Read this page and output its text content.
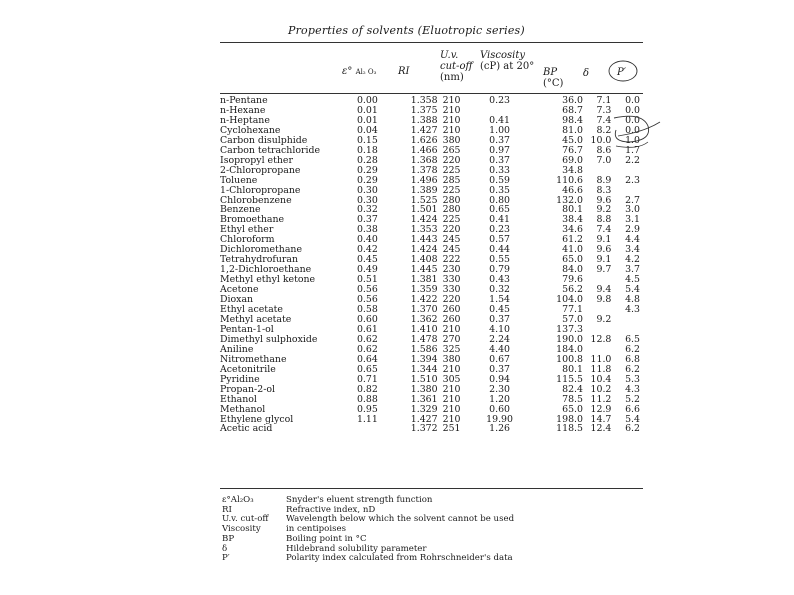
Properties of solvents (Eluotropic series)
ε° Al₂ O₃ RI
U.v.
cut-off
(nm)
Viscosity
(cP) at 20°
BP
(°C)
δ	P′
n-Pentane	0.00	1.358	210	0.23	36.0	7.1	0.0
n-Hexane	0.01	1.375	210		68.7	7.3	0.0
n-Heptane	0.01	1.388	210	0.41	98.4	7.4	0.0
Cyclohexane	0.04	1.427	210	1.00	81.0	8.2	0.0
Carbon disulphide	0.15	1.626	380	0.37	45.0	10.0	1.0
Carbon tetrachloride	0.18	1.466	265	0.97	76.7	8.6	1.7
Isopropyl ether	0.28	1.368	220	0.37	69.0	7.0	2.2
2-Chloropropane	0.29	1.378	225	0.33	34.8		
Toluene	0.29	1.496	285	0.59	110.6	8.9	2.3
1-Chloropropane	0.30	1.389	225	0.35	46.6	8.3	
Chlorobenzene	0.30	1.525	280	0.80	132.0	9.6	2.7
Benzene	0.32	1.501	280	0.65	80.1	9.2	3.0
Bromoethane	0.37	1.424	225	0.41	38.4	8.8	3.1
Ethyl ether	0.38	1.353	220	0.23	34.6	7.4	2.9
Chloroform	0.40	1.443	245	0.57	61.2	9.1	4.4
Dichloromethane	0.42	1.424	245	0.44	41.0	9.6	3.4
Tetrahydrofuran	0.45	1.408	222	0.55	65.0	9.1	4.2
1,2-Dichloroethane	0.49	1.445	230	0.79	84.0	9.7	3.7
Methyl ethyl ketone	0.51	1.381	330	0.43	79.6		4.5
Acetone	0.56	1.359	330	0.32	56.2	9.4	5.4
Dioxan	0.56	1.422	220	1.54	104.0	9.8	4.8
Ethyl acetate	0.58	1.370	260	0.45	77.1		4.3
Methyl acetate	0.60	1.362	260	0.37	57.0	9.2	
Pentan-1-ol	0.61	1.410	210	4.10	137.3		
Dimethyl sulphoxide	0.62	1.478	270	2.24	190.0	12.8	6.5
Aniline	0.62	1.586	325	4.40	184.0		6.2
Nitromethane	0.64	1.394	380	0.67	100.8	11.0	6.8
Acetonitrile	0.65	1.344	210	0.37	80.1	11.8	6.2
Pyridine	0.71	1.510	305	0.94	115.5	10.4	5.3
Propan-2-ol	0.82	1.380	210	2.30	82.4	10.2	4.3
Ethanol	0.88	1.361	210	1.20	78.5	11.2	5.2
Methanol	0.95	1.329	210	0.60	65.0	12.9	6.6
Ethylene glycol	1.11	1.427	210	19.90	198.0	14.7	5.4
Acetic acid		1.372	251	1.26	118.5	12.4	6.2
ε°Al₂O₃	Snyder's eluent strength function
RI	Refractive index, nD
U.v. cut-off	Wavelength below which the solvent cannot be used
Viscosity	in centipoises
BP	Boiling point in °C
δ	Hildebrand solubility parameter
P′	Polarity index calculated from Rohrschneider's data
